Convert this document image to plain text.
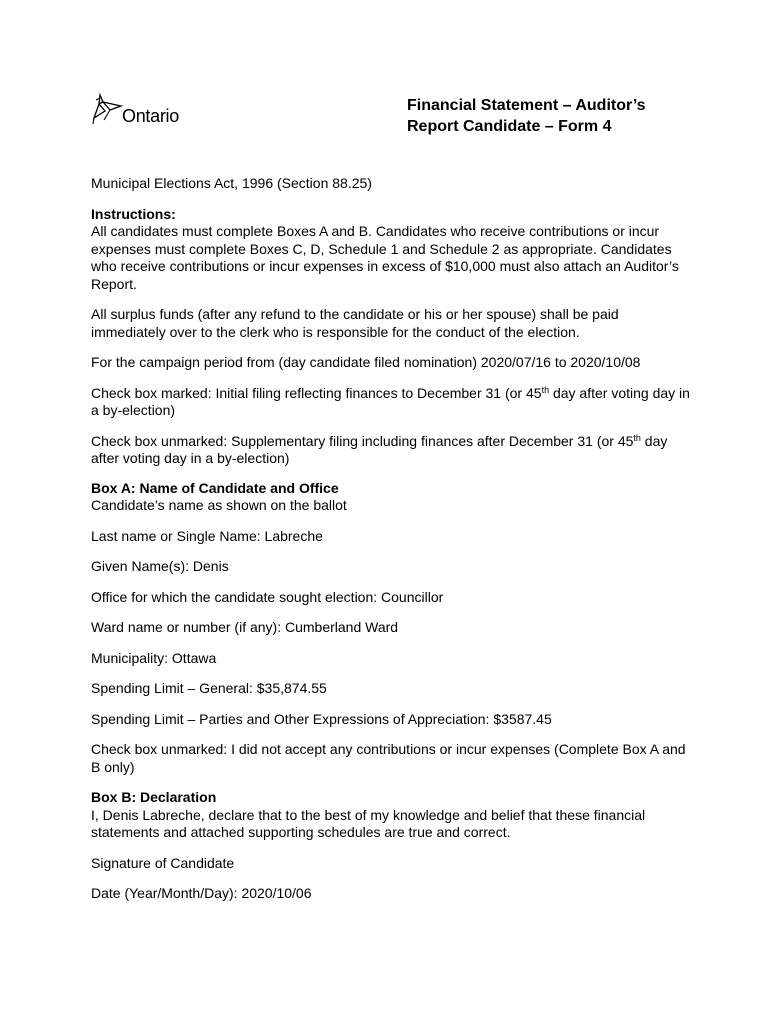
Ontario
Financial Statement – Auditor’s
Report Candidate – Form 4

Municipal Elections Act, 1996 (Section 88.25)

Instructions:

All candidates must complete Boxes A and B. Candidates who receive contributions or incur expenses must complete Boxes C, D, Schedule 1 and Schedule 2 as appropriate. Candidates who receive contributions or incur expenses in excess of $10,000 must also attach an Auditor’s Report.

All surplus funds (after any refund to the candidate or his or her spouse) shall be paid immediately over to the clerk who is responsible for the conduct of the election.

For the campaign period from (day candidate filed nomination) 2020/07/16 to 2020/10/08

Check box marked: Initial filing reflecting finances to December 31 (or 45th day after voting day in a by-election)

Check box unmarked: Supplementary filing including finances after December 31 (or 45th day after voting day in a by-election)

Box A: Name of Candidate and Office

Candidate’s name as shown on the ballot

Last name or Single Name: Labreche

Given Name(s): Denis

Office for which the candidate sought election: Councillor

Ward name or number (if any): Cumberland Ward

Municipality: Ottawa

Spending Limit – General: $35,874.55

Spending Limit – Parties and Other Expressions of Appreciation: $3587.45

Check box unmarked: I did not accept any contributions or incur expenses (Complete Box A and B only)

Box B: Declaration

I, Denis Labreche, declare that to the best of my knowledge and belief that these financial statements and attached supporting schedules are true and correct.

Signature of Candidate

Date (Year/Month/Day): 2020/10/06
